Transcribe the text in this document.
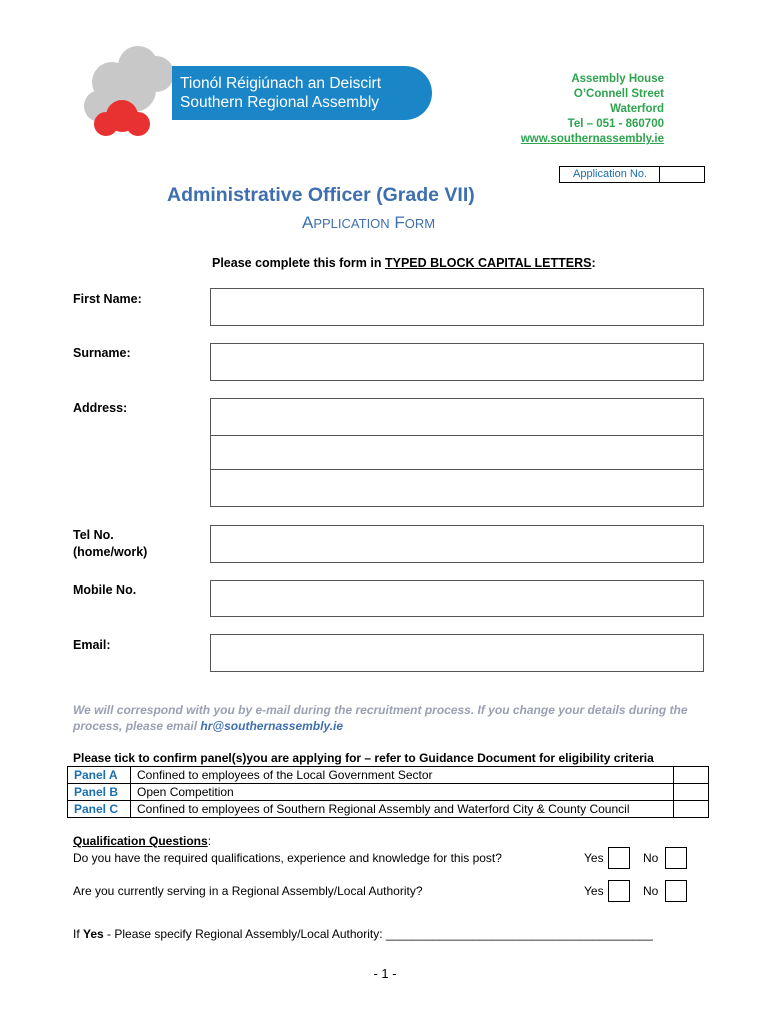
Tionól Réigiúnach an Deiscirt
Southern Regional Assembly
Assembly House
O’Connell Street
Waterford
Tel – 051 - 860700
www.southernassembly.ie
Application No.
Administrative Officer (Grade VII)
APPLICATION FORM
Please complete this form in TYPED BLOCK CAPITAL LETTERS:
First Name:
Surname:
Address:
Tel No.
(home/work)
Mobile No.
Email:
We will correspond with you by e-mail during the recruitment process. If you change your details during the process, please email hr@southernassembly.ie
Please tick to confirm panel(s)you are applying for – refer to Guidance Document for eligibility criteria
Panel A	Confined to employees of the Local Government Sector	
Panel B	Open Competition	
Panel C	Confined to employees of Southern Regional Assembly and Waterford City & County Council	
Qualification Questions:
Do you have the required qualifications, experience and knowledge for this post?	Yes	No
Are you currently serving in a Regional Assembly/Local Authority?	Yes	No
If Yes - Please specify Regional Assembly/Local Authority: ________________________________________
- 1 -
